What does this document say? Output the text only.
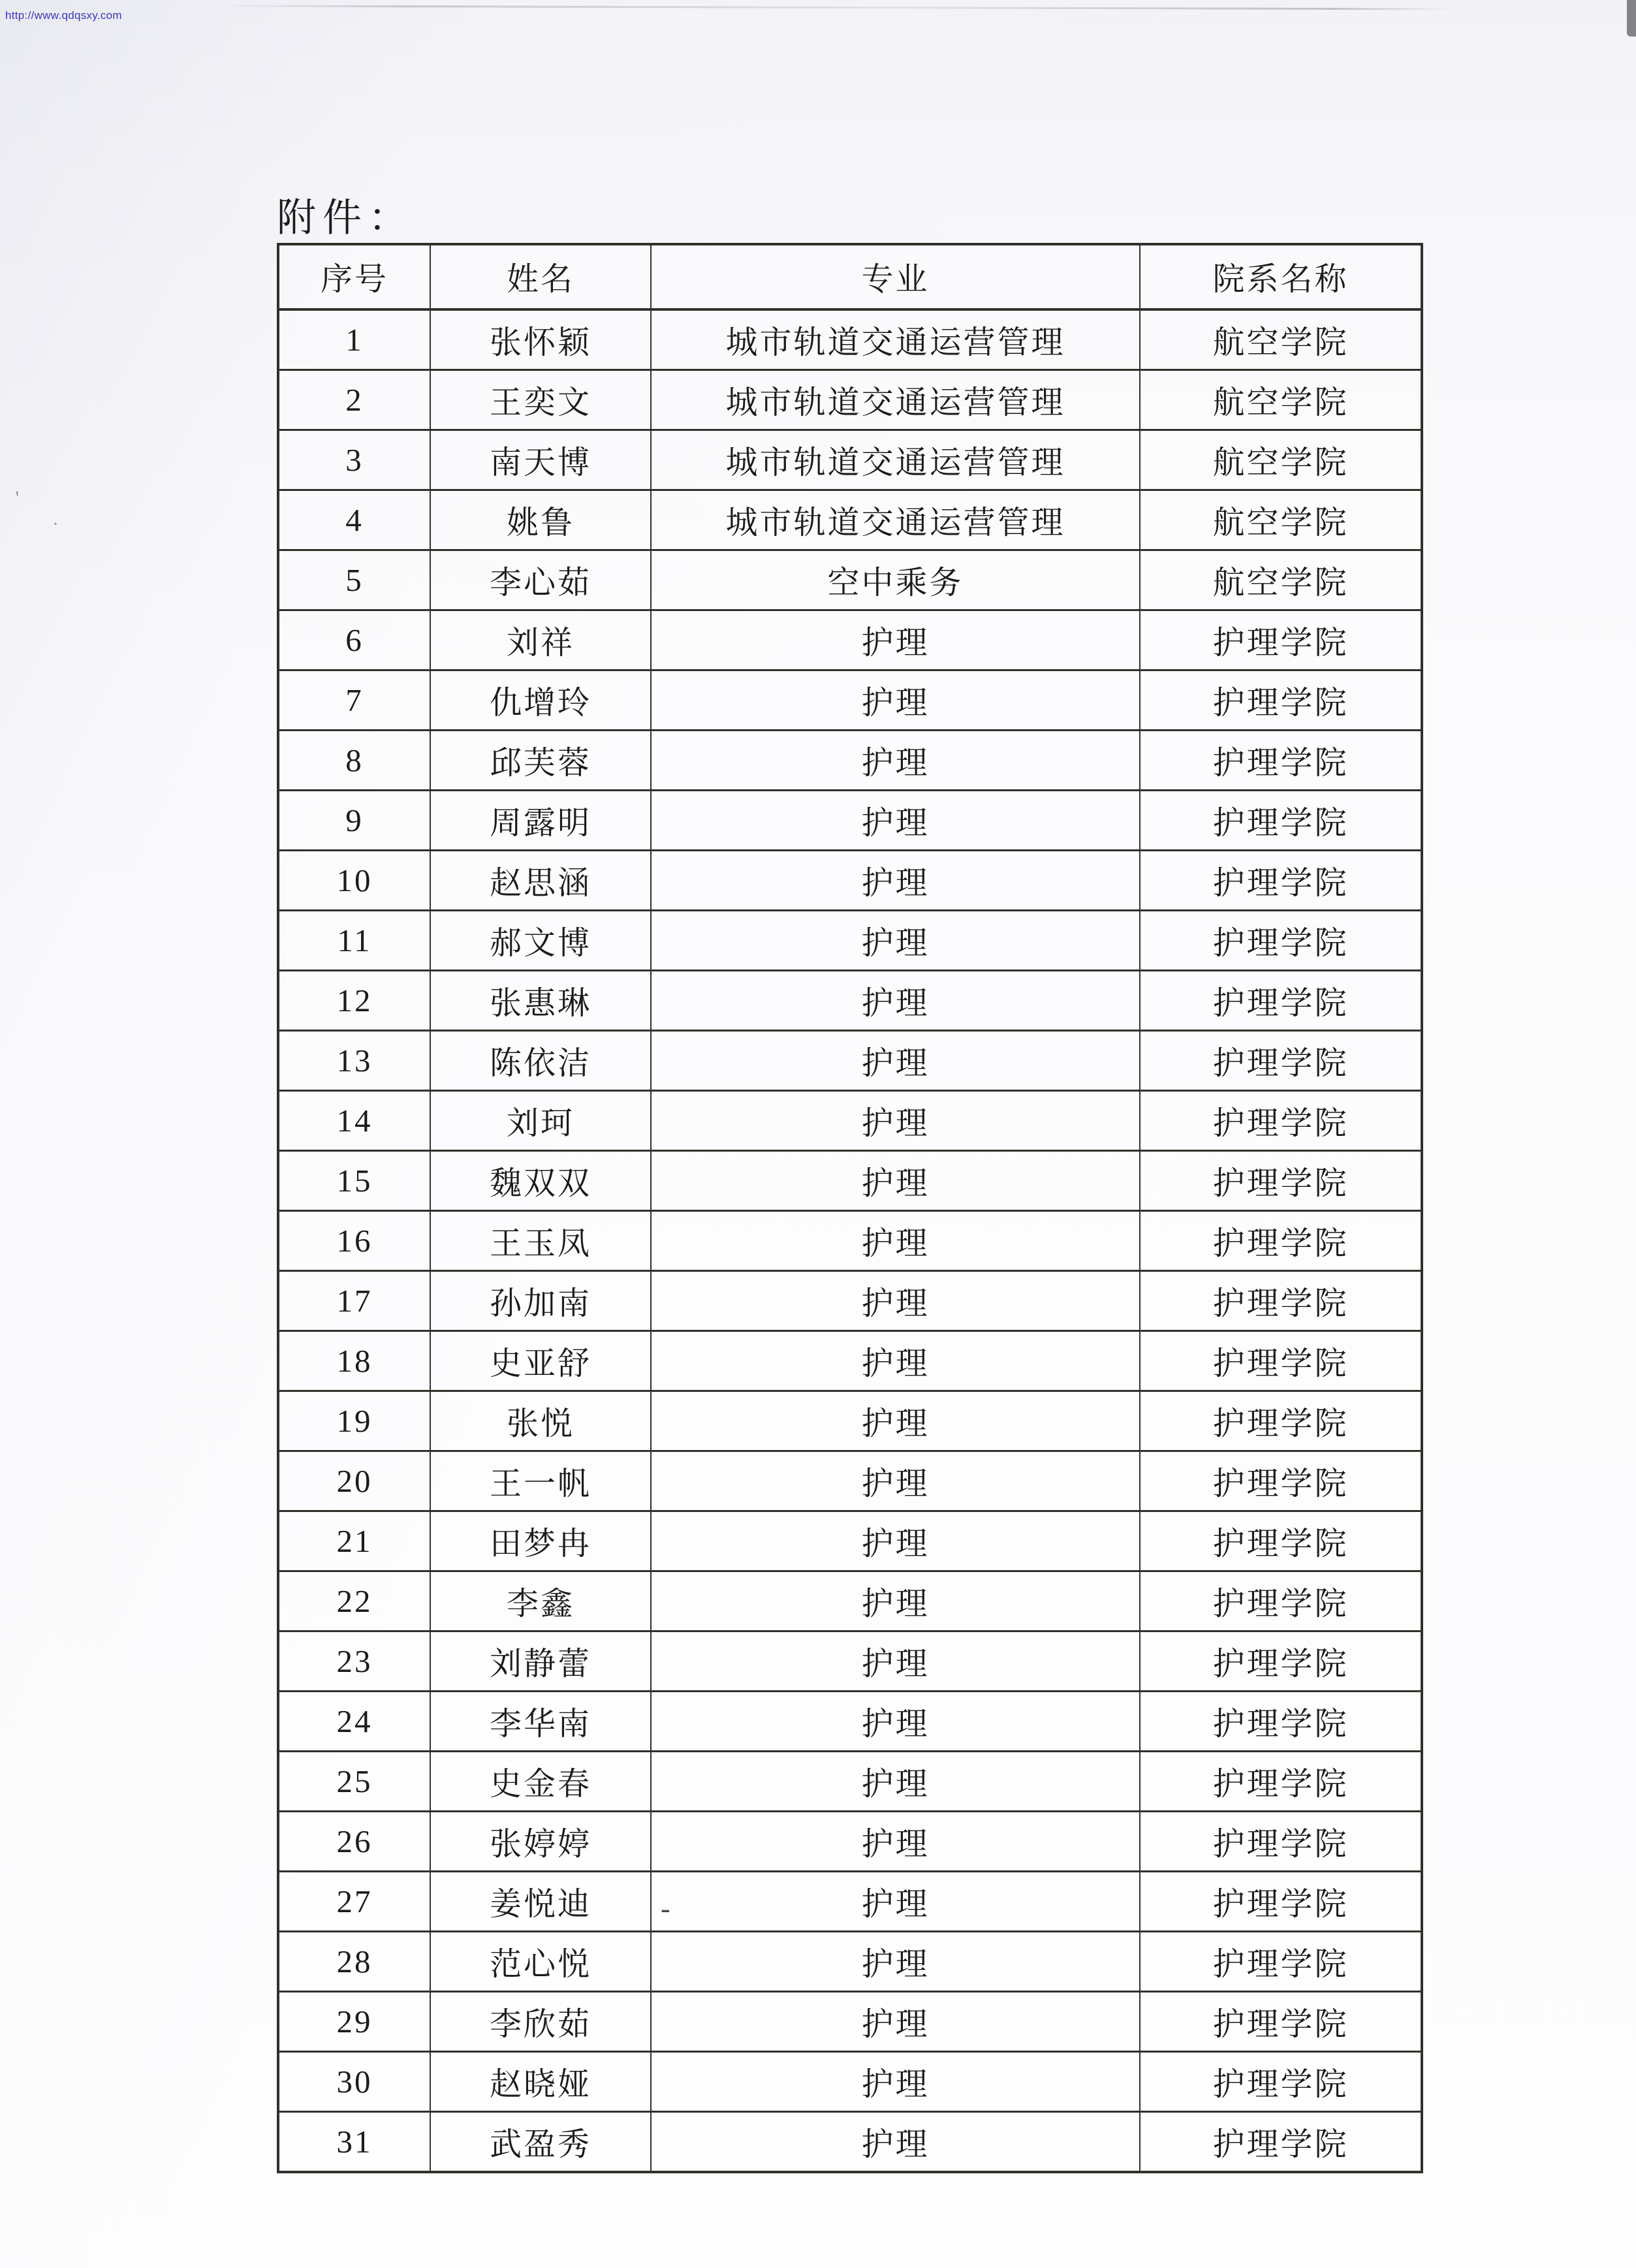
http://www.qdqsxy.com
附件：
序号	姓名	专业	院系名称
1	张怀颖	城市轨道交通运营管理	航空学院
2	王奕文	城市轨道交通运营管理	航空学院
3	南天博	城市轨道交通运营管理	航空学院
4	姚鲁	城市轨道交通运营管理	航空学院
5	李心茹	空中乘务	航空学院
6	刘祥	护理	护理学院
7	仇增玲	护理	护理学院
8	邱芙蓉	护理	护理学院
9	周露明	护理	护理学院
10	赵思涵	护理	护理学院
11	郝文博	护理	护理学院
12	张惠琳	护理	护理学院
13	陈依洁	护理	护理学院
14	刘珂	护理	护理学院
15	魏双双	护理	护理学院
16	王玉凤	护理	护理学院
17	孙加南	护理	护理学院
18	史亚舒	护理	护理学院
19	张悦	护理	护理学院
20	王一帆	护理	护理学院
21	田梦冉	护理	护理学院
22	李鑫	护理	护理学院
23	刘静蕾	护理	护理学院
24	李华南	护理	护理学院
25	史金春	护理	护理学院
26	张婷婷	护理	护理学院
27	姜悦迪	护理	护理学院
28	范心悦	护理	护理学院
29	李欣茹	护理	护理学院
30	赵晓娅	护理	护理学院
31	武盈秀	护理	护理学院
-
′
·
